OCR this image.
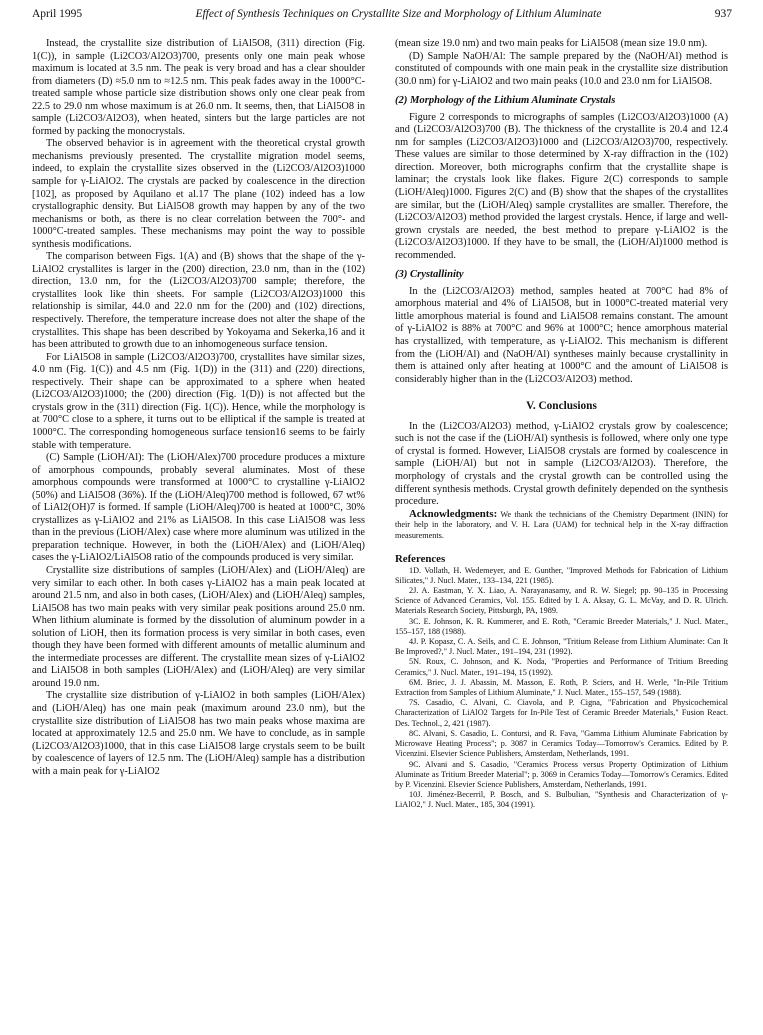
April 1995	Effect of Synthesis Techniques on Crystallite Size and Morphology of Lithium Aluminate	937

Instead, the crystallite size distribution of LiAl5O8, (311) direction (Fig. 1(C)), in sample (Li2CO3/Al2O3)700, presents only one main peak whose maximum is located at 3.5 nm. The peak is very broad and has a clear shoulder from diameters (D) ≈5.0 nm to ≈12.5 nm. This peak fades away in the 1000°C-treated sample whose particle size distribution shows only one clear peak from 22.5 to 29.0 nm whose maximum is at 26.0 nm. It seems, then, that LiAl5O8 in sample (Li2CO3/Al2O3), when heated, sinters but the large particles are not formed by packing the monocrystals.

The observed behavior is in agreement with the theoretical crystal growth mechanisms previously presented. The crystallite migration model seems, indeed, to explain the crystallite sizes observed in the (Li2CO3/Al2O3)1000 sample for γ-LiAlO2. The crystals are packed by coalescence in the direction [102], as proposed by Aquilano et al.17 The plane (102) indeed has a low crystallographic density. But LiAl5O8 growth may happen by any of the two mechanisms or both, as there is no clear correlation between the 700°- and 1000°C-treated samples. These mechanisms may point the way to possible synthesis modifications.

The comparison between Figs. 1(A) and (B) shows that the shape of the γ-LiAlO2 crystallites is larger in the (200) direction, 23.0 nm, than in the (102) direction, 13.0 nm, for the (Li2CO3/Al2O3)700 sample; therefore, the crystallites look like thin sheets. For sample (Li2CO3/Al2O3)1000 this relationship is similar, 44.0 and 22.0 nm for the (200) and (102) directions, respectively. Therefore, the temperature increase does not alter the shape of the crystallites. This shape has been described by Yokoyama and Sekerka,16 and it has been attributed to growth due to an inhomogeneous surface tension.

For LiAl5O8 in sample (Li2CO3/Al2O3)700, crystallites have similar sizes, 4.0 nm (Fig. 1(C)) and 4.5 nm (Fig. 1(D)) in the (311) and (220) directions, respectively. Their shape can be approximated to a sphere when heated (Li2CO3/Al2O3)1000; the (200) direction (Fig. 1(D)) is not affected but the crystals grow in the (311) direction (Fig. 1(C)). Hence, while the morphology is at 700°C close to a sphere, it turns out to be elliptical if the sample is treated at 1000°C. The corresponding homogeneous surface tension16 seems to be fairly stable with temperature.

(C) Sample (LiOH/Al): The (LiOH/Alex)700 procedure produces a mixture of amorphous compounds, probably several aluminates. Most of these amorphous compounds were transformed at 1000°C to crystalline γ-LiAlO2 (50%) and LiAl5O8 (36%). If the (LiOH/Aleq)700 method is followed, 67 wt% of LiAl2(OH)7 is formed. If sample (LiOH/Aleq)700 is heated at 1000°C, 30% crystallizes as γ-LiAlO2 and 21% as LiAl5O8. In this case LiAl5O8 was less than in the previous (LiOH/Alex) case where more aluminum was utilized in the preparation technique. However, in both the (LiOH/Alex) and (LiOH/Aleq) cases the γ-LiAlO2/LiAl5O8 ratio of the compounds produced is very similar.

Crystallite size distributions of samples (LiOH/Alex) and (LiOH/Aleq) are very similar to each other. In both cases γ-LiAlO2 has a main peak located at around 21.5 nm, and also in both cases, (LiOH/Alex) and (LiOH/Aleq) samples, LiAl5O8 has two main peaks with very similar peak positions around 25.0 nm. When lithium aluminate is formed by the dissolution of aluminum powder in a solution of LiOH, then its formation process is very similar in both cases, even though they have been formed with different amounts of metallic aluminum and the intermediate processes are different. The crystallite mean sizes of γ-LiAlO2 and LiAl5O8 in both samples (LiOH/Alex) and (LiOH/Aleq) are very similar around 19.0 nm.

The crystallite size distribution of γ-LiAlO2 in both samples (LiOH/Alex) and (LiOH/Aleq) has one main peak (maximum around 23.0 nm), but the crystallite size distribution of LiAl5O8 has two main peaks whose maxima are located at approximately 12.5 and 25.0 nm. We have to conclude, as in sample (Li2CO3/Al2O3)1000, that in this case LiAl5O8 large crystals seem to be built by coalescence of layers of 12.5 nm. The (LiOH/Aleq) sample has a distribution with a main peak for γ-LiAlO2

(mean size 19.0 nm) and two main peaks for LiAl5O8 (mean size 19.0 nm).

(D) Sample NaOH/Al: The sample prepared by the (NaOH/Al) method is constituted of compounds with one main peak in the crystallite size distribution (30.0 nm) for γ-LiAlO2 and two main peaks (10.0 and 23.0 nm for LiAl5O8.

(2) Morphology of the Lithium Aluminate Crystals

Figure 2 corresponds to micrographs of samples (Li2CO3/Al2O3)1000 (A) and (Li2CO3/Al2O3)700 (B). The thickness of the crystallite is 20.4 and 12.4 nm for samples (Li2CO3/Al2O3)1000 and (Li2CO3/Al2O3)700, respectively. These values are similar to those determined by X-ray diffraction in the (102) direction. Moreover, both micrographs confirm that the crystallite shape is laminar; the crystals look like flakes. Figure 2(C) corresponds to sample (LiOH/Aleq)1000. Figures 2(C) and (B) show that the shapes of the crystallites are similar, but the (LiOH/Aleq) sample crystallites are smaller. Therefore, the (Li2CO3/Al2O3) method provided the largest crystals. Hence, if large and well-grown crystals are needed, the best method to prepare γ-LiAlO2 is the (Li2CO3/Al2O3)1000. If they have to be small, the (LiOH/Al)1000 method is recommended.

(3) Crystallinity

In the (Li2CO3/Al2O3) method, samples heated at 700°C had 8% of amorphous material and 4% of LiAl5O8, but in 1000°C-treated material very little amorphous material is found and LiAl5O8 remains constant. The amount of γ-LiAlO2 is 88% at 700°C and 96% at 1000°C; hence amorphous material has crystallized, with temperature, as γ-LiAlO2. This mechanism is different from the (LiOH/Al) and (NaOH/Al) syntheses mainly because crystallinity in them is attained only after heating at 1000°C and the amount of LiAl5O8 is considerably higher than in the (Li2CO3/Al2O3) method.

V. Conclusions

In the (Li2CO3/Al2O3) method, γ-LiAlO2 crystals grow by coalescence; such is not the case if the (LiOH/Al) synthesis is followed, where only one type of crystal is formed. However, LiAl5O8 crystals are formed by coalescence in sample (LiOH/Al) but not in sample (Li2CO3/Al2O3). Therefore, the morphology of crystals and the crystal growth can be controlled using the different synthesis methods. Crystal growth definitely depended on the synthesis procedure.

Acknowledgments: We thank the technicians of the Chemistry Department (ININ) for their help in the laboratory, and V. H. Lara (UAM) for technical help in the X-ray diffraction measurements.

References

1D. Vollath, H. Wedemeyer, and E. Gunther, "Improved Methods for Fabrication of Lithium Silicates," J. Nucl. Mater., 133–134, 221 (1985).

2J. A. Eastman, Y. X. Liao, A. Narayanasamy, and R. W. Siegel; pp. 90–135 in Processing Science of Advanced Ceramics, Vol. 155. Edited by I. A. Aksay, G. L. McVay, and D. R. Ulrich. Materials Research Society, Pittsburgh, PA, 1989.

3C. E. Johnson, K. R. Kummerer, and E. Roth, "Ceramic Breeder Materials," J. Nucl. Mater., 155–157, 188 (1988).

4J. P. Kopasz, C. A. Seils, and C. E. Johnson, "Tritium Release from Lithium Aluminate: Can It Be Improved?," J. Nucl. Mater., 191–194, 231 (1992).

5N. Roux, C. Johnson, and K. Noda, "Properties and Performance of Tritium Breeding Ceramics," J. Nucl. Mater., 191–194, 15 (1992).

6M. Briec, J. J. Abassin, M. Masson, E. Roth, P. Sciers, and H. Werle, "In-Pile Tritium Extraction from Samples of Lithium Aluminate," J. Nucl. Mater., 155–157, 549 (1988).

7S. Casadio, C. Alvani, C. Ciavola, and P. Cigna, "Fabrication and Physicochemical Characterization of LiAlO2 Targets for In-Pile Test of Ceramic Breeder Materials," Fusion React. Des. Technol., 2, 421 (1987).

8C. Alvani, S. Casadio, L. Contursi, and R. Fava, "Gamma Lithium Aluminate Fabrication by Microwave Heating Process"; p. 3087 in Ceramics Today—Tomorrow's Ceramics. Edited by P. Vicenzini. Elsevier Science Publishers, Amsterdam, Netherlands, 1991.

9C. Alvani and S. Casadio, "Ceramics Process versus Property Optimization of Lithium Aluminate as Tritium Breeder Material"; p. 3069 in Ceramics Today—Tomorrow's Ceramics. Edited by P. Vicenzini. Elsevier Science Publishers, Amsterdam, Netherlands, 1991.

10J. Jiménez-Becerril, P. Bosch, and S. Bulbulian, "Synthesis and Characterization of γ-LiAlO2," J. Nucl. Mater., 185, 304 (1991).
